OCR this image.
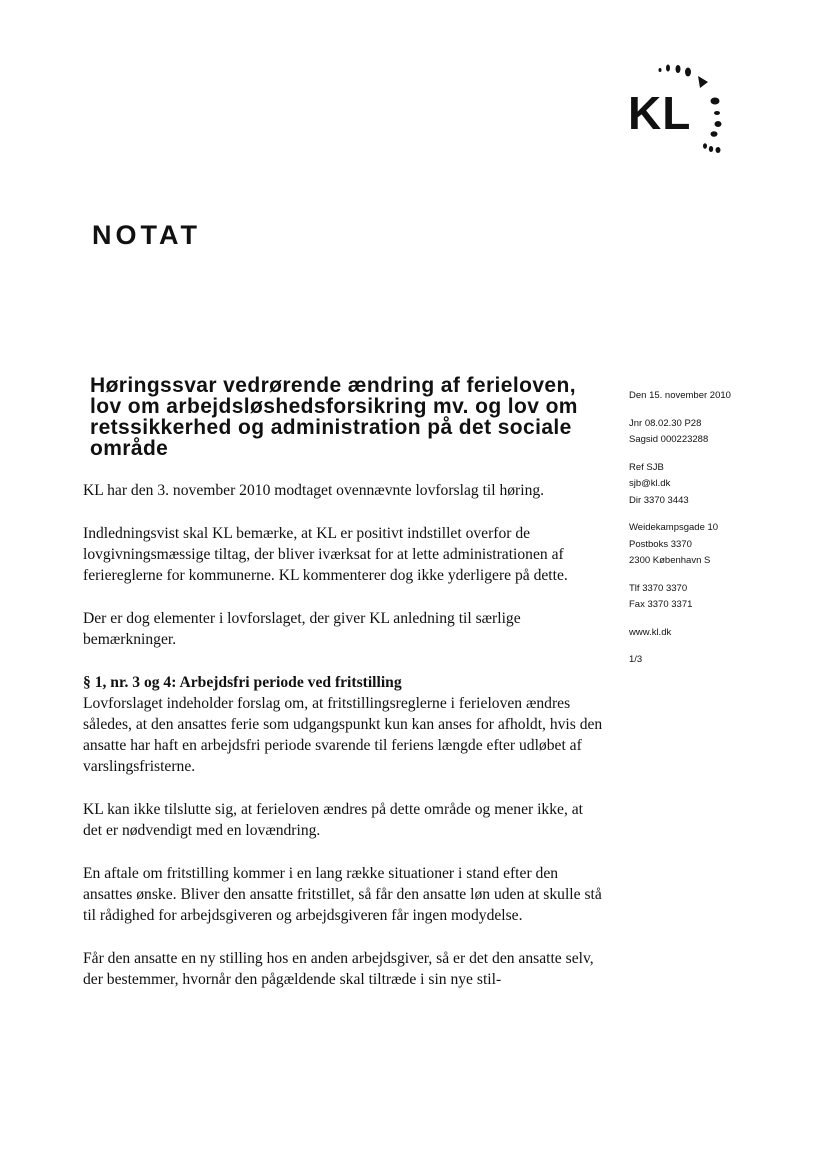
KL
NOTAT
Høringssvar vedrørende ændring af ferieloven, lov om arbejdsløshedsforsikring mv. og lov om retssikkerhed og administration på det sociale område

KL har den 3. november 2010 modtaget ovennævnte lovforslag til høring.

Indledningsvist skal KL bemærke, at KL er positivt indstillet overfor de lovgivningsmæssige tiltag, der bliver iværksat for at lette administrationen af feriereglerne for kommunerne. KL kommenterer dog ikke yderligere på dette.

Der er dog elementer i lovforslaget, der giver KL anledning til særlige bemærkninger.

§ 1, nr. 3 og 4: Arbejdsfri periode ved fritstilling

Lovforslaget indeholder forslag om, at fritstillingsreglerne i ferieloven ændres således, at den ansattes ferie som udgangspunkt kun kan anses for afholdt, hvis den ansatte har haft en arbejdsfri periode svarende til feriens længde efter udløbet af varslingsfristerne.

KL kan ikke tilslutte sig, at ferieloven ændres på dette område og mener ikke, at det er nødvendigt med en lovændring.

En aftale om fritstilling kommer i en lang række situationer i stand efter den ansattes ønske. Bliver den ansatte fritstillet, så får den ansatte løn uden at skulle stå til rådighed for arbejdsgiveren og arbejdsgiveren får ingen modydelse.

Får den ansatte en ny stilling hos en anden arbejdsgiver, så er det den ansatte selv, der bestemmer, hvornår den pågældende skal tiltræde i sin nye stil-

Den 15. november 2010
Jnr 08.02.30 P28
Sagsid 000223288
Ref SJB
sjb@kl.dk
Dir 3370 3443
Weidekampsgade 10
Postboks 3370
2300 København S
Tlf 3370 3370
Fax 3370 3371
www.kl.dk
1/3
